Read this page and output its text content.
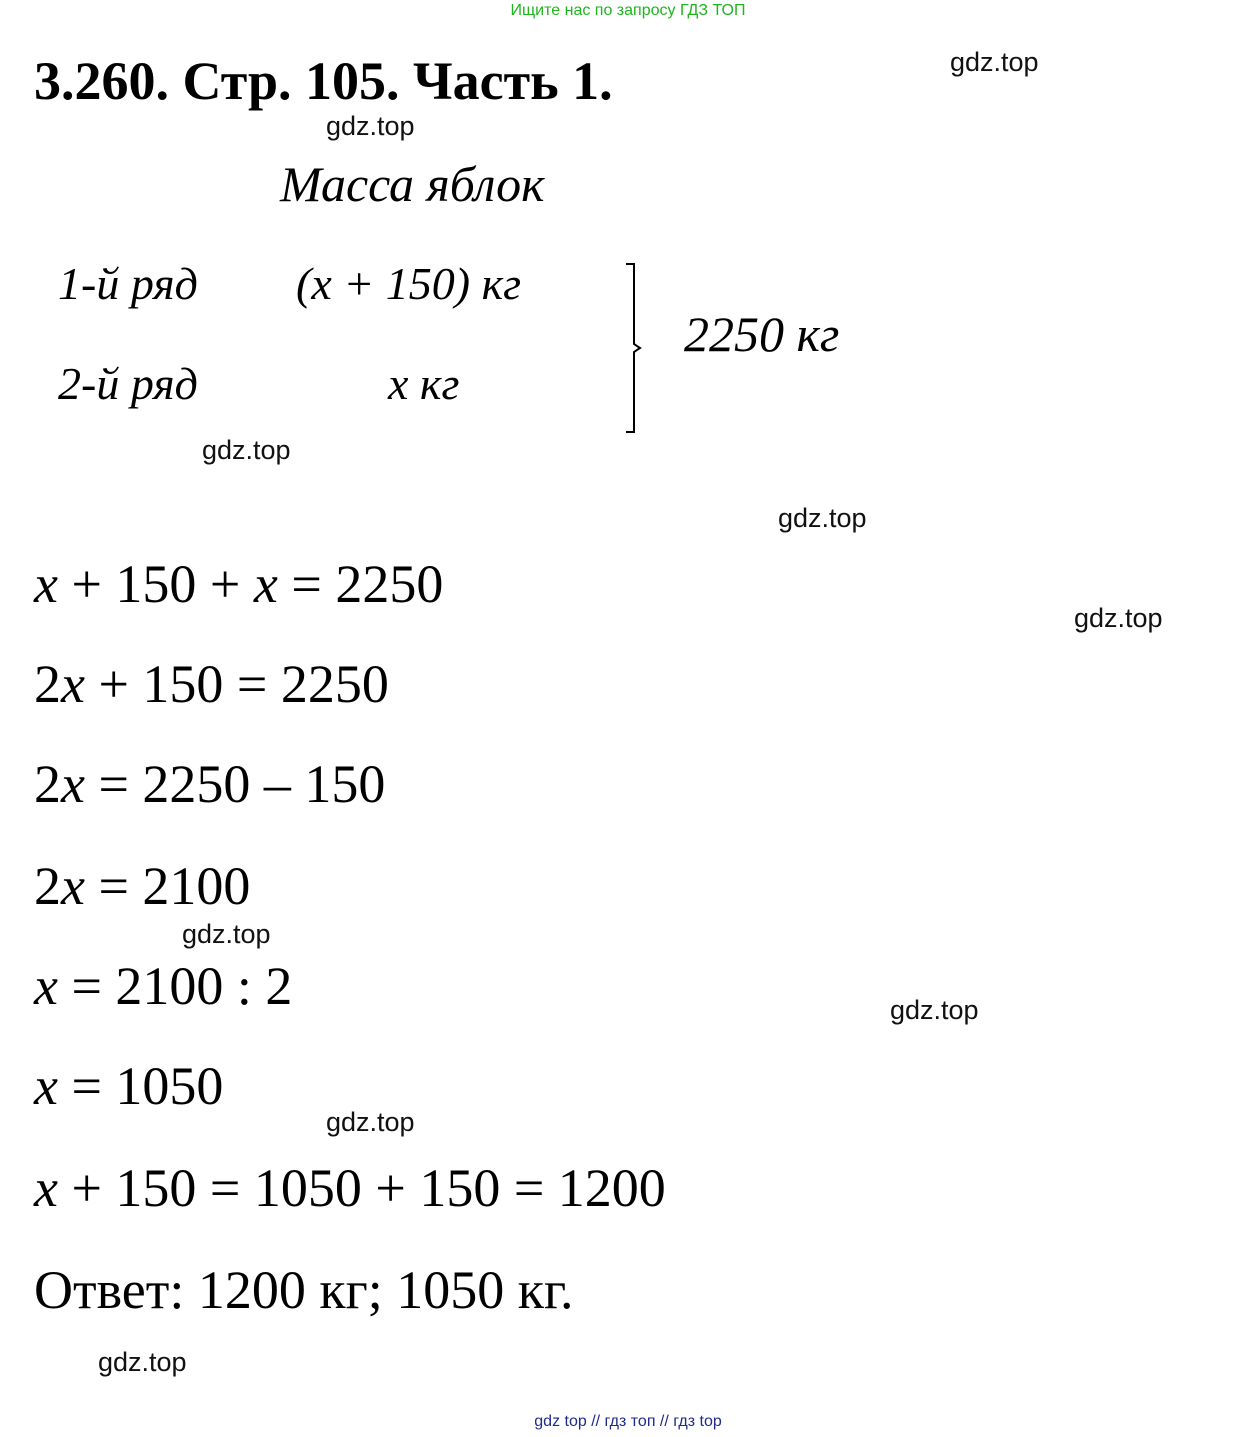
Ищите нас по запросу ГДЗ ТОП
3.260. Стр. 105. Часть 1.	gdz.top
gdz.top
gdz.top
gdz.top
gdz.top
gdz.top
gdz.top
gdz.top
gdz.top
Масса яблок
1-й ряд (x + 150) кг
2-й ряд	x кг
2250 кг
x + 150 + x = 2250
2x + 150 = 2250
2x = 2250 – 150
2x = 2100
x = 2100 : 2
x = 1050
x + 150 = 1050 + 150 = 1200
Ответ: 1200 кг; 1050 кг.
gdz top // гдз топ // гдз top
